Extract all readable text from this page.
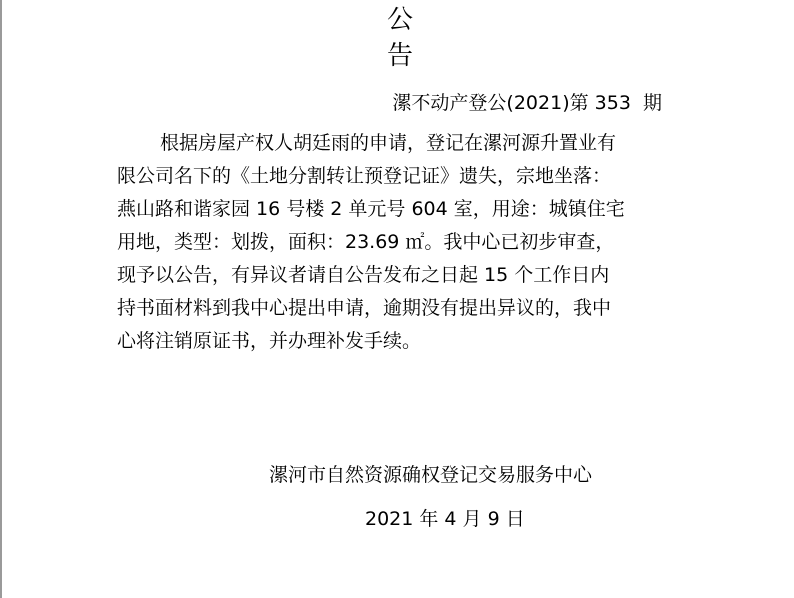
公 告
漯不动产登公(2021)第 353  期
根据房屋产权人胡廷雨的申请，登记在漯河源升置业有
限公司名下的《土地分割转让预登记证》遗失，宗地坐落：
燕山路和谐家园 16 号楼 2 单元号 604 室，用途：城镇住宅
用地，类型：划拨，面积：23.69 ㎡。我中心已初步审查，
现予以公告，有异议者请自公告发布之日起 15 个工作日内
持书面材料到我中心提出申请，逾期没有提出异议的，我中
心将注销原证书，并办理补发手续。
漯河市自然资源确权登记交易服务中心
2021 年 4 月 9 日
